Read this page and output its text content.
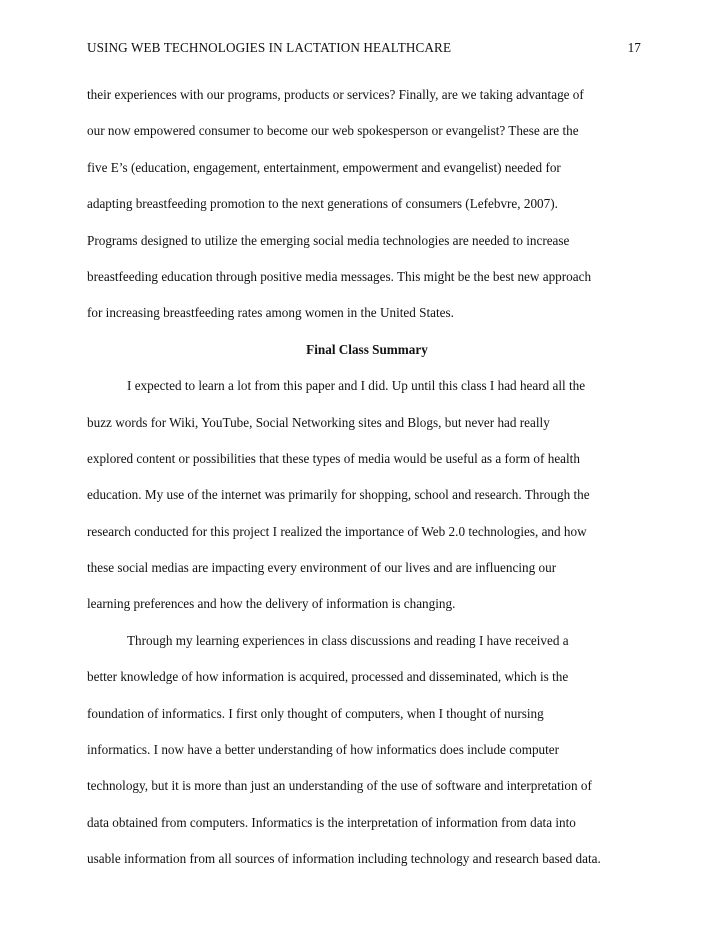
USING WEB TECHNOLOGIES IN LACTATION HEALTHCARE	17
their experiences with our programs, products or services? Finally, are we taking advantage of
our now empowered consumer to become our web spokesperson or evangelist? These are the
five E’s (education, engagement, entertainment, empowerment and evangelist) needed for
adapting breastfeeding promotion to the next generations of consumers (Lefebvre, 2007).
Programs designed to utilize the emerging social media technologies are needed to increase
breastfeeding education through positive media messages. This might be the best new approach
for increasing breastfeeding rates among women in the United States.
Final Class Summary
I expected to learn a lot from this paper and I did. Up until this class I had heard all the
buzz words for Wiki, YouTube, Social Networking sites and Blogs, but never had really
explored content or possibilities that these types of media would be useful as a form of health
education. My use of the internet was primarily for shopping, school and research. Through the
research conducted for this project I realized the importance of Web 2.0 technologies, and how
these social medias are impacting every environment of our lives and are influencing our
learning preferences and how the delivery of information is changing.
Through my learning experiences in class discussions and reading I have received a
better knowledge of how information is acquired, processed and disseminated, which is the
foundation of informatics. I first only thought of computers, when I thought of nursing
informatics. I now have a better understanding of how informatics does include computer
technology, but it is more than just an understanding of the use of software and interpretation of
data obtained from computers. Informatics is the interpretation of information from data into
usable information from all sources of information including technology and research based data.
